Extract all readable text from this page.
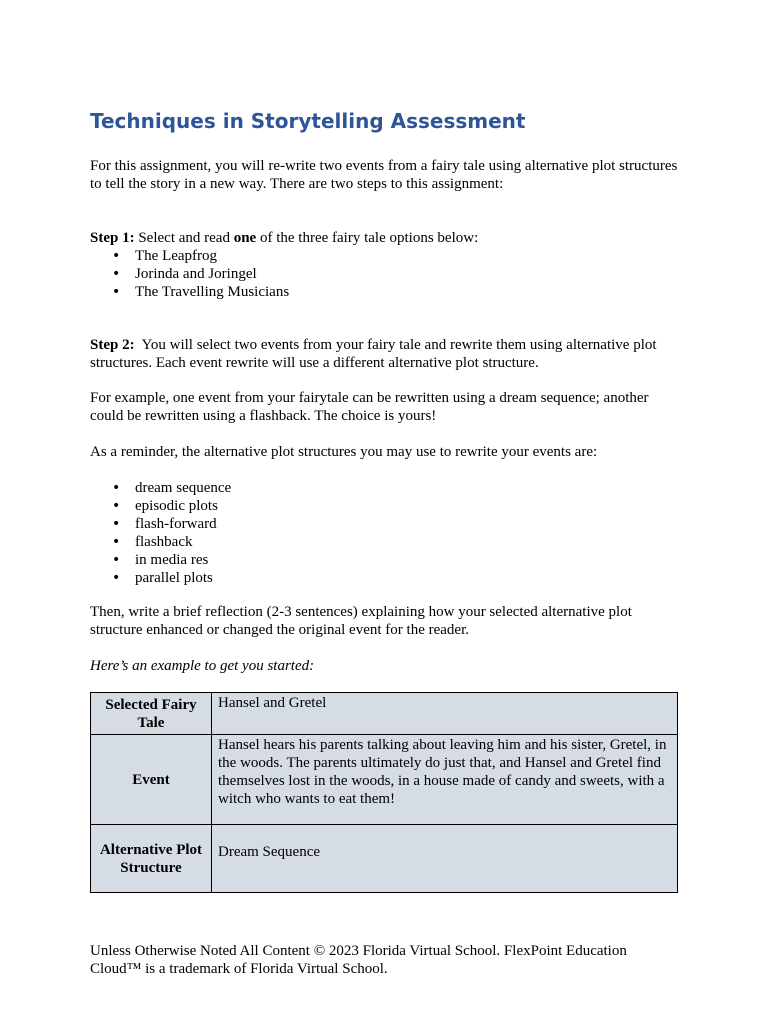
Techniques in Storytelling Assessment

For this assignment, you will re-write two events from a fairy tale using alternative plot structures to tell the story in a new way. There are two steps to this assignment:

Step 1: Select and read one of the three fairy tale options below:

• The Leapfrog
• Jorinda and Joringel
• The Travelling Musicians

Step 2:  You will select two events from your fairy tale and rewrite them using alternative plot structures. Each event rewrite will use a different alternative plot structure.

For example, one event from your fairytale can be rewritten using a dream sequence; another could be rewritten using a flashback. The choice is yours!

As a reminder, the alternative plot structures you may use to rewrite your events are:

• dream sequence
• episodic plots
• flash-forward
• flashback
• in media res
• parallel plots

Then, write a brief reflection (2-3 sentences) explaining how your selected alternative plot structure enhanced or changed the original event for the reader.

Here’s an example to get you started:

Selected Fairy Tale	Hansel and Gretel
Event	Hansel hears his parents talking about leaving him and his sister, Gretel, in the woods. The parents ultimately do just that, and Hansel and Gretel find themselves lost in the woods, in a house made of candy and sweets, with a witch who wants to eat them!
Alternative Plot Structure	Dream Sequence

Unless Otherwise Noted All Content © 2023 Florida Virtual School. FlexPoint Education Cloud™ is a trademark of Florida Virtual School.
